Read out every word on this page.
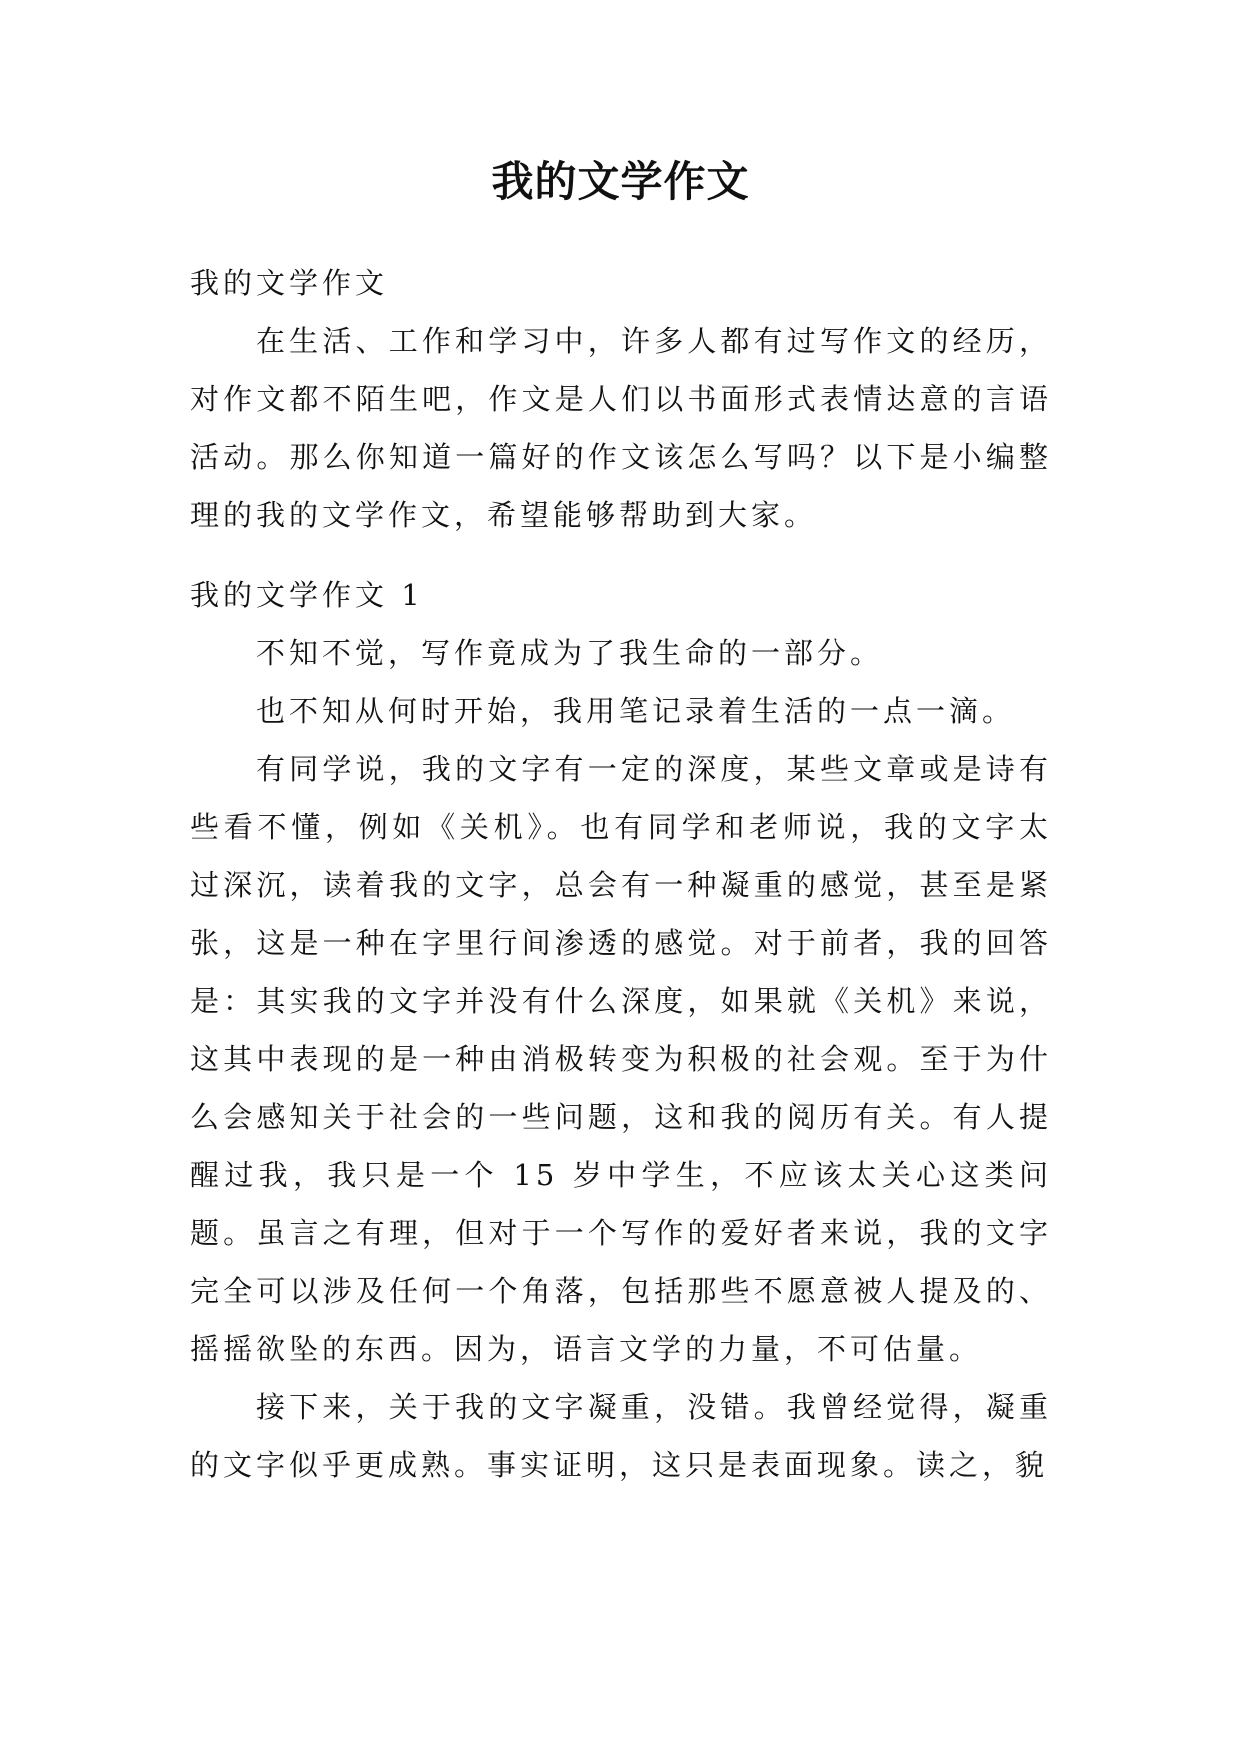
我的文学作文

我的文学作文

在生活、工作和学习中，许多人都有过写作文的经历，对作文都不陌生吧，作文是人们以书面形式表情达意的言语活动。那么你知道一篇好的作文该怎么写吗？以下是小编整理的我的文学作文，希望能够帮助到大家。

我的文学作文 1

不知不觉，写作竟成为了我生命的一部分。

也不知从何时开始，我用笔记录着生活的一点一滴。

有同学说，我的文字有一定的深度，某些文章或是诗有些看不懂，例如《关机》。也有同学和老师说，我的文字太过深沉，读着我的文字，总会有一种凝重的感觉，甚至是紧张，这是一种在字里行间渗透的感觉。对于前者，我的回答是：其实我的文字并没有什么深度，如果就《关机》来说，这其中表现的是一种由消极转变为积极的社会观。至于为什么会感知关于社会的一些问题，这和我的阅历有关。有人提醒过我，我只是一个 15 岁中学生，不应该太关心这类问题。虽言之有理，但对于一个写作的爱好者来说，我的文字完全可以涉及任何一个角落，包括那些不愿意被人提及的、摇摇欲坠的东西。因为，语言文学的力量，不可估量。

接下来，关于我的文字凝重，没错。我曾经觉得，凝重的文字似乎更成熟。事实证明，这只是表面现象。读之，貌
